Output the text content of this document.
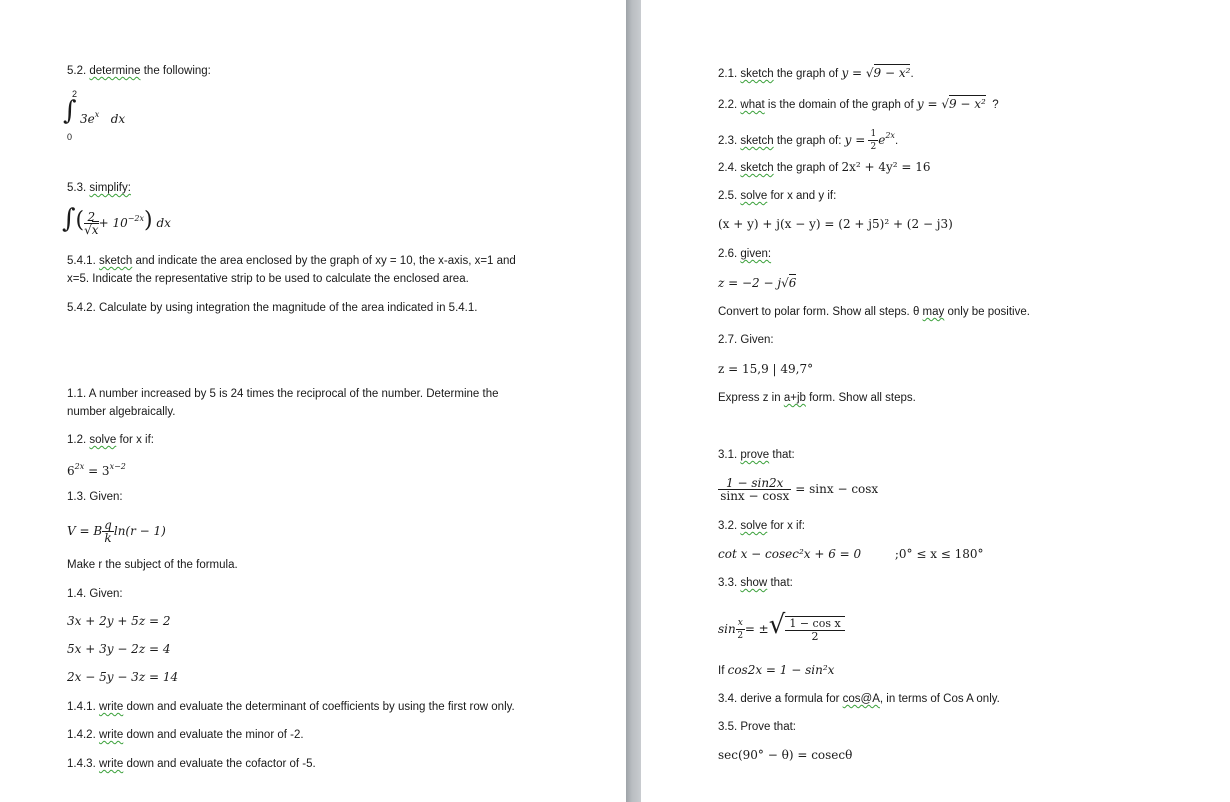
5.2. determine the following:
2
∫ $3e^x$ dx
0
5.3. simplify:
∫( $\frac{2}{√x} + 10^{-2x}$) dx
5.4.1. sketch and indicate the area enclosed by the graph of xy = 10, the x-axis, x=1 and
x=5. Indicate the representative strip to be used to calculate the enclosed area.
5.4.2. Calculate by using integration the magnitude of the area indicated in 5.4.1.
1.1. A number increased by 5 is 24 times the reciprocal of the number. Determine the
number algebraically.
1.2. solve for x if:
$6^{2x} = 3^{x-2}$
1.3. Given:
V = B $\frac{q}{k} \ln(r - 1)$
Make r the subject of the formula.
1.4. Given:
3x + 2y + 5z = 2
5x + 3y − 2z = 4
2x − 5y − 3z = 14
1.4.1. write down and evaluate the determinant of coefficients by using the first row only.
1.4.2. write down and evaluate the minor of -2.
1.4.3. write down and evaluate the cofactor of -5.
2.1. sketch the graph of y = √9 − x².
2.2. what is the domain of the graph of y = √9 − x² ?
2.3. sketch the graph of: $y = \frac{1}{2} e^{2x}$.
2.4. sketch the graph of 2x² + 4y² = 16
2.5. solve for x and y if:
(x + y) + j(x − y) = (2 + j5)² + (2 − j3)
2.6. given:
z = −2 − j√6
Convert to polar form. Show all steps. θ may only be positive.
2.7. Given:
z = 15,9 | 49,7°
Express z in a+jb form. Show all steps.
3.1. prove that:
$\frac{1 - \sin 2x}{\sin x - \cos x} = \sin x - \cos x$
3.2. solve for x if:
cot x − cosec²x + 6 = 0	;0° ≤ x ≤ 180°
3.3. show that:
$\sin \frac{x}{2}$ = ±√ $\frac{\text{1 − cos x}}{2}$
If cos2x = 1 − sin²x
3.4. derive a formula for cos@A, in terms of Cos A only.
3.5. Prove that:
sec(90° − θ) = cosecθ
